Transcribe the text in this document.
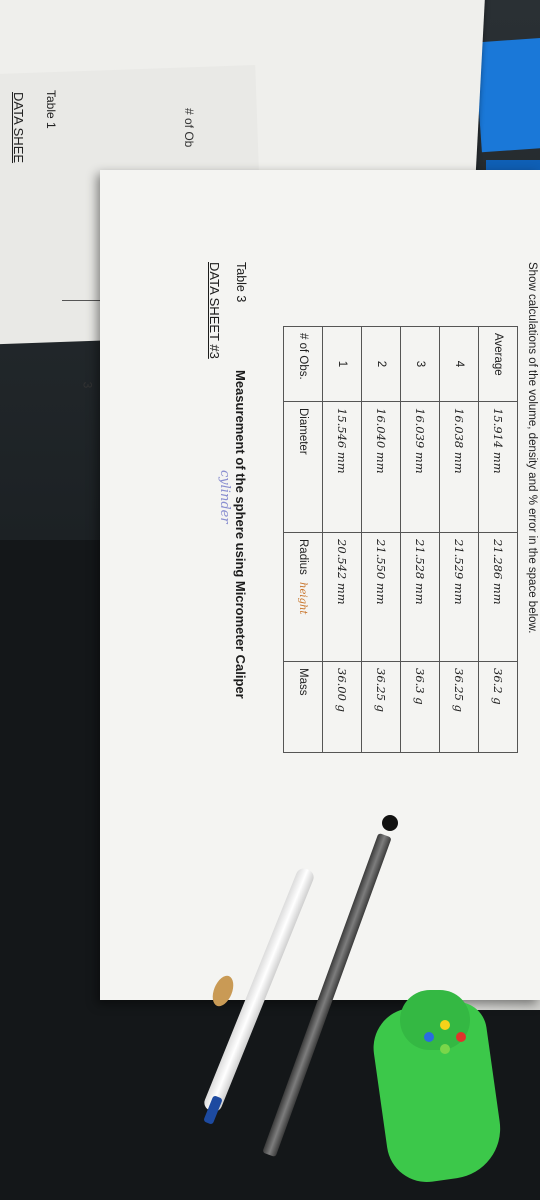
DATA SHEE	Table 1	# of Ob
3
DATA SHEET #3 Table 3
Measurement of the sphere using Micrometer Caliper
cylinder
# of Obs.	Diameter	Radius height	Mass
1	15.546 mm	20.542 mm	36.00 g
2	16.040 mm	21.550 mm	36.25 g
3	16.039 mm	21.528 mm	36.3 g
4	16.038 mm	21.529 mm	36.25 g
Average	15.914 mm	21.286 mm	36.2 g
Show calculations of the volume, density and % error in the space below.
